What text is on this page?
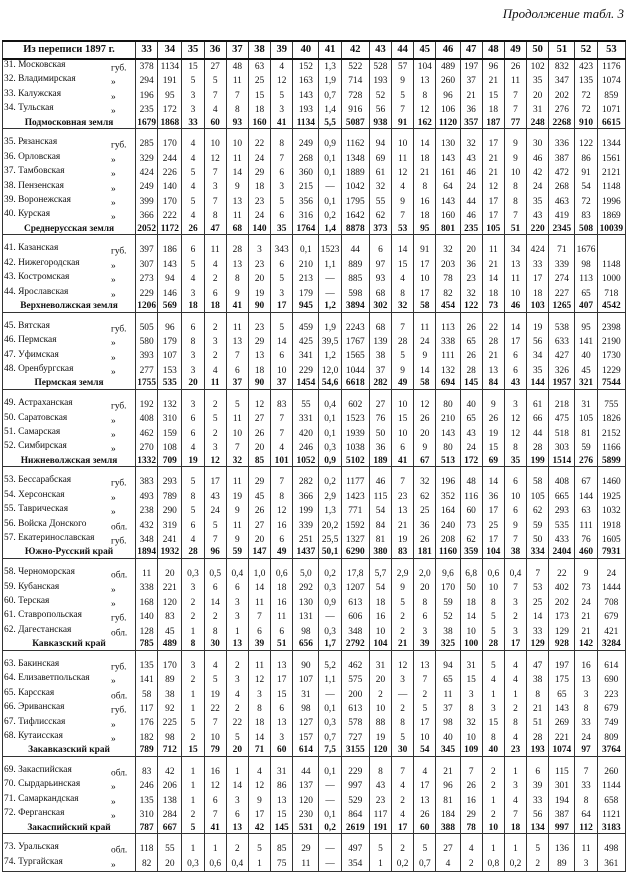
Продолжение табл. 3
Из переписи 1897 г.	33	34	35	36	37	38	39	40	41	42	43	44	45	46	47	48	49	50	51	52	53
31. Московская губ.	378	1134	15	27	48	63	4	152	1,3	522	528	57	104	489	197	96	26	102	832	423	1176
32. Владимирская »	294	191	5	5	11	25	12	163	1,9	714	193	9	13	260	37	21	11	35	347	135	1074
33. Калужская »	196	95	3	7	7	15	5	143	0,7	728	52	5	8	96	21	15	7	20	202	72	859
34. Тульская »	235	172	3	4	8	18	3	193	1,4	916	56	7	12	106	36	18	7	31	276	72	1071
Подмосковная земля	1679	1868	33	60	93	160	41	1134	5,5	5087	938	91	162	1120	357	187	77	248	2268	910	6615

35. Рязанская губ.	285	170	4	10	10	22	8	249	0,9	1162	94	10	14	130	32	17	9	30	336	122	1344
36. Орловская »	329	244	4	12	11	24	7	268	0,1	1348	69	11	18	143	43	21	9	46	387	86	1561
37. Тамбовская »	424	226	5	7	14	29	6	360	0,1	1889	61	12	21	161	46	21	10	42	472	91	2121
38. Пензенская »	249	140	4	3	9	18	3	215	—	1042	32	4	8	64	24	12	8	24	268	54	1148
39. Воронежская »	399	170	5	7	13	23	5	356	0,1	1795	55	9	16	143	44	17	8	35	463	72	1996
40. Курская »	366	222	4	8	11	24	6	316	0,2	1642	62	7	18	160	46	17	7	43	419	83	1869
Среднерусская земля	2052	1172	26	47	68	140	35	1764	1,4	8878	373	53	95	801	235	105	51	220	2345	508	10039

41. Казанская губ.	397	186	6	11	28	3	343	0,1	1523	44	6	14	91	32	20	11	34	424	71	1676	
42. Нижегородская »	307	143	5	4	13	23	6	210	1,1	889	97	15	17	203	36	21	13	33	339	98	1148
43. Костромская »	273	94	4	2	8	20	5	213	—	885	93	4	10	78	23	14	11	17	274	113	1000
44. Ярославская »	229	146	3	6	9	19	3	179	—	598	68	8	17	82	32	18	10	18	227	65	718
Верхневолжская земля	1206	569	18	18	41	90	17	945	1,2	3894	302	32	58	454	122	73	46	103	1265	407	4542

45. Вятская губ.	505	96	6	2	11	23	5	459	1,9	2243	68	7	11	113	26	22	14	19	538	95	2398
46. Пермская »	580	179	8	3	13	29	14	425	39,5	1767	139	28	24	338	65	28	17	56	633	141	2190
47. Уфимская »	393	107	3	2	7	13	6	341	1,2	1565	38	5	9	111	26	21	6	34	427	40	1730
48. Оренбургская »	277	153	3	4	6	18	10	229	12,0	1044	37	9	14	132	28	13	6	35	326	45	1229
Пермская земля	1755	535	20	11	37	90	37	1454	54,6	6618	282	49	58	694	145	84	43	144	1957	321	7544

49. Астраханская губ.	192	132	3	2	5	12	83	55	0,4	602	27	10	12	80	40	9	3	61	218	31	755
50. Саратовская »	408	310	6	5	11	27	7	331	0,1	1523	76	15	26	210	65	26	12	66	475	105	1826
51. Самарская »	462	159	6	2	10	26	7	420	0,1	1939	50	10	20	143	43	19	12	44	518	81	2152
52. Симбирская »	270	108	4	3	7	20	4	246	0,3	1038	36	6	9	80	24	15	8	28	303	59	1166
Нижневолжская земля	1332	709	19	12	32	85	101	1052	0,9	5102	189	41	67	513	172	69	35	199	1514	276	5899

53. Бессарабская губ.	383	293	5	17	11	29	7	282	0,2	1177	46	7	32	196	48	14	6	58	408	67	1460
54. Херсонская »	493	789	8	43	19	45	8	366	2,9	1423	115	23	62	352	116	36	10	105	665	144	1925
55. Таврическая »	238	290	5	24	9	26	12	199	1,3	771	54	13	25	164	60	17	6	62	293	63	1032
56. Войска Донского обл.	432	319	6	5	11	27	16	339	20,2	1592	84	21	36	240	73	25	9	59	535	111	1918
57. Екатеринославская губ.	348	241	4	7	9	20	6	251	25,5	1327	81	19	26	208	62	17	7	50	433	76	1605
Южно-Русский край	1894	1932	28	96	59	147	49	1437	50,1	6290	380	83	181	1160	359	104	38	334	2404	460	7931

58. Черноморская обл.	11	20	0,3	0,5	0,4	1,0	0,6	5,0	0,2	17,8	5,7	2,9	2,0	9,6	6,8	0,6	0,4	7	22	9	24
59. Кубанская »	338	221	3	6	6	14	18	292	0,3	1207	54	9	20	170	50	10	7	53	402	73	1444
60. Терская »	168	120	2	14	3	11	16	130	0,9	613	18	5	8	59	18	8	3	25	202	24	708
61. Ставропольская губ.	140	83	2	2	3	7	11	131	—	606	16	2	6	52	14	5	2	14	173	21	679
62. Дагестанская обл.	128	45	1	8	1	6	6	98	0,3	348	10	2	3	38	10	5	3	33	129	21	421
Кавказский край	785	489	8	30	13	39	51	656	1,7	2792	104	21	39	325	100	28	17	129	928	142	3284

63. Бакинская губ.	135	170	3	4	2	11	13	90	5,2	462	31	12	13	94	31	5	4	47	197	16	614
64. Елизаветпольская »	141	89	2	5	3	12	17	107	1,1	575	20	3	7	65	15	4	4	38	175	13	690
65. Карсская обл.	58	38	1	19	4	3	15	31	—	200	2	—	2	11	3	1	1	8	65	3	223
66. Эриванская губ.	117	92	1	22	2	8	6	98	0,1	613	10	2	5	37	8	3	2	21	143	8	679
67. Тифлисская »	176	225	5	7	22	18	13	127	0,3	578	88	8	17	98	32	15	8	51	269	33	749
68. Кутаисская »	182	98	2	10	5	14	3	157	0,7	727	19	5	10	40	10	8	4	28	221	24	809
Закавказский край	789	712	15	79	20	71	60	614	7,5	3155	120	30	54	345	109	40	23	193	1074	97	3764

69. Закаспийская обл.	83	42	1	16	1	4	31	44	0,1	229	8	7	4	21	7	2	1	6	115	7	260
70. Сырдарьинская »	246	206	1	12	14	12	86	137	—	997	43	4	17	96	26	2	3	39	301	33	1144
71. Самаркандская »	135	138	1	6	3	9	13	120	—	529	23	2	13	81	16	1	4	33	194	8	658
72. Ферганская »	310	284	2	7	6	17	15	230	0,1	864	117	4	26	184	29	2	7	56	387	64	1121
Закаспийский край	787	667	5	41	13	42	145	531	0,2	2619	191	17	60	388	78	10	18	134	997	112	3183

73. Уральская обл.	118	55	1	1	2	5	85	29	—	497	5	2	5	27	4	1	1	5	136	11	498
74. Тургайская »	82	20	0,3	0,6	0,4	1	75	11	—	354	1	0,2	0,7	4	2	0,8	0,2	2	89	3	361
